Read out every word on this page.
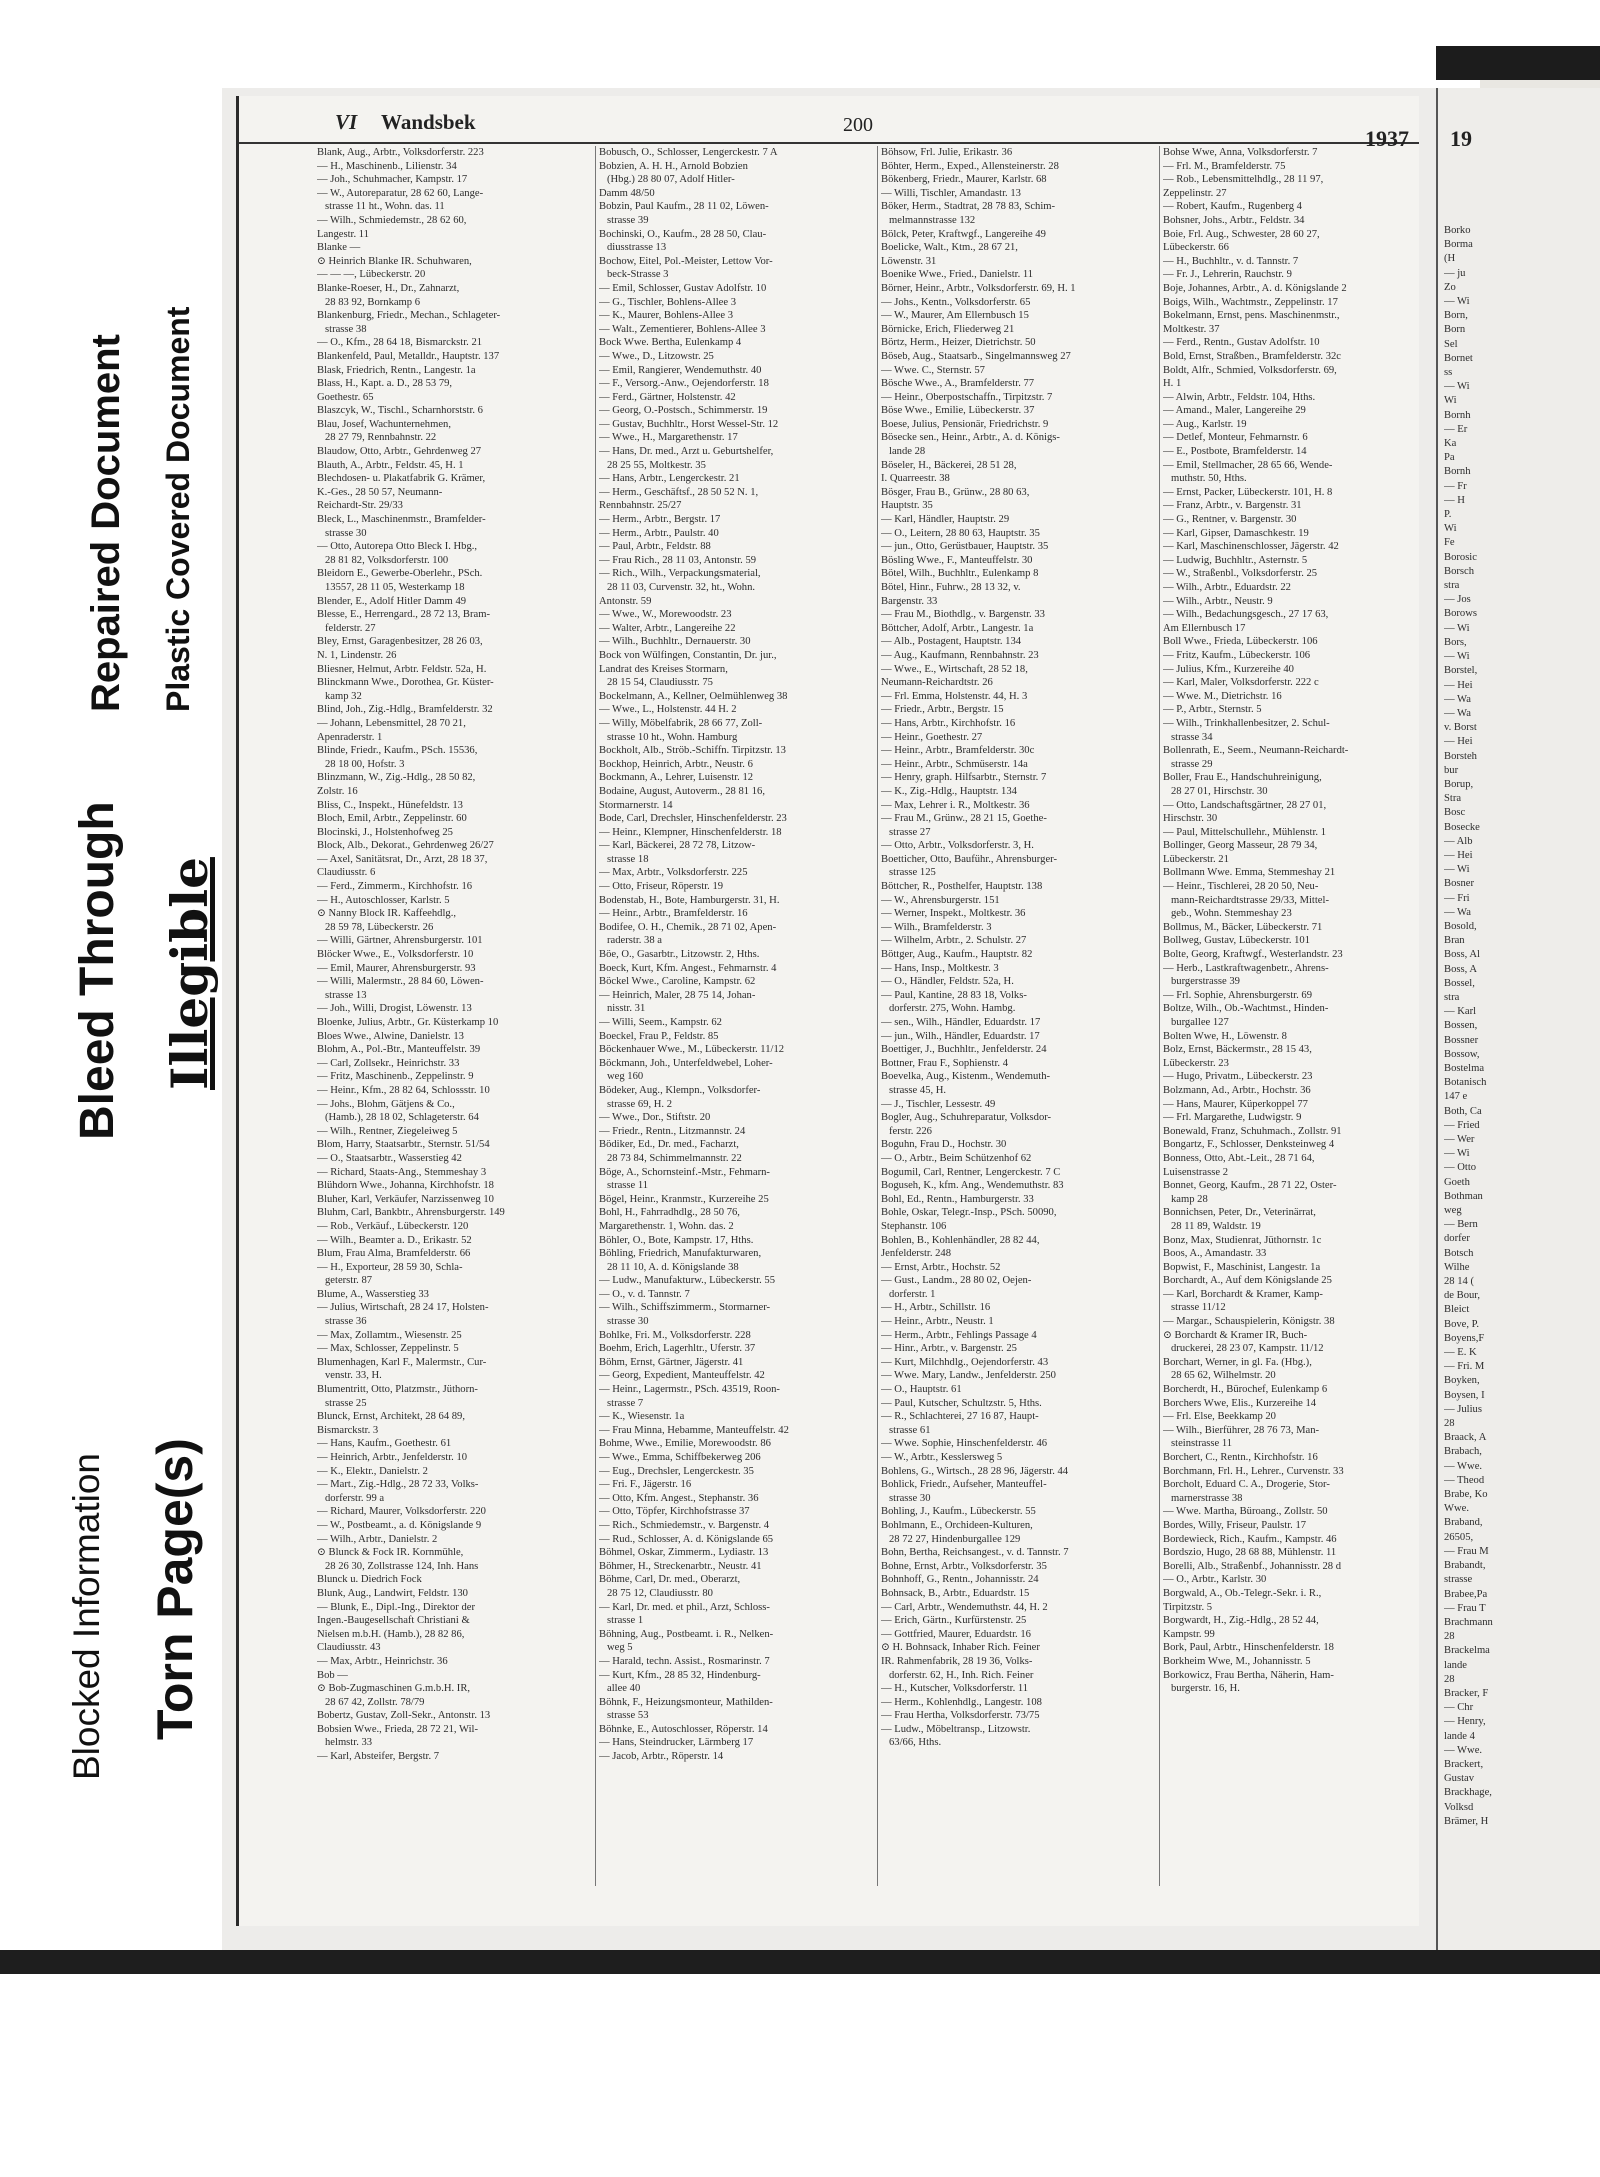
Repaired Document Plastic Covered Document
Bleed Through Illegible
Blocked Information Torn Page(s)
VI Wandsbek	200
1937
Blank, Aug., Arbtr., Volksdorferstr. 223
— H., Maschinenb., Lilienstr. 34
— Joh., Schuhmacher, Kampstr. 17
— W., Autoreparatur, 28 62 60, Lange-
strasse 11 ht., Wohn. das. 11
— Wilh., Schmiedemstr., 28 62 60,
Langestr. 11
Blanke —
⊙ Heinrich Blanke IR. Schuhwaren,
— — —, Lübeckerstr. 20
Blanke-Roeser, H., Dr., Zahnarzt,
28 83 92, Bornkamp 6
Blankenburg, Friedr., Mechan., Schlageter-
strasse 38
— O., Kfm., 28 64 18, Bismarckstr. 21
Blankenfeld, Paul, Metalldr., Hauptstr. 137
Blask, Friedrich, Rentn., Langestr. 1a
Blass, H., Kapt. a. D., 28 53 79,
Goethestr. 65
Blaszcyk, W., Tischl., Scharnhorststr. 6
Blau, Josef, Wachunternehmen,
28 27 79, Rennbahnstr. 22
Blaudow, Otto, Arbtr., Gehrdenweg 27
Blauth, A., Arbtr., Feldstr. 45, H. 1
Blechdosen- u. Plakatfabrik G. Krämer,
K.-Ges., 28 50 57, Neumann-
Reichardt-Str. 29/33
Bleck, L., Maschinenmstr., Bramfelder-
strasse 30
— Otto, Autorepa Otto Bleck I. Hbg.,
28 81 82, Volksdorferstr. 100
Bleidorn E., Gewerbe-Oberlehr., PSch.
13557, 28 11 05, Westerkamp 18
Blender, E., Adolf Hitler Damm 49
Blesse, E., Herrengard., 28 72 13, Bram-
felderstr. 27
Bley, Ernst, Garagenbesitzer, 28 26 03,
N. 1, Lindenstr. 26
Bliesner, Helmut, Arbtr. Feldstr. 52a, H.
Blinckmann Wwe., Dorothea, Gr. Küster-
kamp 32
Blind, Joh., Zig.-Hdlg., Bramfelderstr. 32
— Johann, Lebensmittel, 28 70 21,
Apenraderstr. 1
Blinde, Friedr., Kaufm., PSch. 15536,
28 18 00, Hofstr. 3
Blinzmann, W., Zig.-Hdlg., 28 50 82,
Zolstr. 16
Bliss, C., Inspekt., Hünefeldstr. 13
Bloch, Emil, Arbtr., Zeppelinstr. 60
Blocinski, J., Holstenhofweg 25
Block, Alb., Dekorat., Gehrdenweg 26/27
— Axel, Sanitätsrat, Dr., Arzt, 28 18 37,
Claudiusstr. 6
— Ferd., Zimmerm., Kirchhofstr. 16
— H., Autoschlosser, Karlstr. 5
⊙ Nanny Block IR. Kaffeehdlg.,
28 59 78, Lübeckerstr. 26
— Willi, Gärtner, Ahrensburgerstr. 101
Blöcker Wwe., E., Volksdorferstr. 10
— Emil, Maurer, Ahrensburgerstr. 93
— Willi, Malermstr., 28 84 60, Löwen-
strasse 13
— Joh., Willi, Drogist, Löwenstr. 13
Bloenke, Julius, Arbtr., Gr. Küsterkamp 10
Bloes Wwe., Alwine, Danielstr. 13
Blohm, A., Pol.-Btr., Manteuffelstr. 39
— Carl, Zollsekr., Heinrichstr. 33
— Fritz, Maschinenb., Zeppelinstr. 9
— Heinr., Kfm., 28 82 64, Schlossstr. 10
— Johs., Blohm, Gätjens & Co.,
(Hamb.), 28 18 02, Schlageterstr. 64
— Wilh., Rentner, Ziegeleiweg 5
Blom, Harry, Staatsarbtr., Sternstr. 51/54
— O., Staatsarbtr., Wasserstieg 42
— Richard, Staats-Ang., Stemmeshay 3
Blühdorn Wwe., Johanna, Kirchhofstr. 18
Bluher, Karl, Verkäufer, Narzissenweg 10
Bluhm, Carl, Bankbtr., Ahrensburgerstr. 149
— Rob., Verkäuf., Lübeckerstr. 120
— Wilh., Beamter a. D., Erikastr. 52
Blum, Frau Alma, Bramfelderstr. 66
— H., Exporteur, 28 59 30, Schla-
geterstr. 87
Blume, A., Wasserstieg 33
— Julius, Wirtschaft, 28 24 17, Holsten-
strasse 36
— Max, Zollamtm., Wiesenstr. 25
— Max, Schlosser, Zeppelinstr. 5
Blumenhagen, Karl F., Malermstr., Cur-
venstr. 33, H.
Blumentritt, Otto, Platzmstr., Jüthorn-
strasse 25
Blunck, Ernst, Architekt, 28 64 89,
Bismarckstr. 3
— Hans, Kaufm., Goethestr. 61
— Heinrich, Arbtr., Jenfelderstr. 10
— K., Elektr., Danielstr. 2
— Mart., Zig.-Hdlg., 28 72 33, Volks-
dorferstr. 99 a
— Richard, Maurer, Volksdorferstr. 220
— W., Postbeamt., a. d. Königslande 9
— Wilh., Arbtr., Danielstr. 2
⊙ Blunck & Fock IR. Kornmühle,
28 26 30, Zollstrasse 124, Inh. Hans
Blunck u. Diedrich Fock
Blunk, Aug., Landwirt, Feldstr. 130
— Blunk, E., Dipl.-Ing., Direktor der
Ingen.-Baugesellschaft Christiani &
Nielsen m.b.H. (Hamb.), 28 82 86,
Claudiusstr. 43
— Max, Arbtr., Heinrichstr. 36
Bob —
⊙ Bob-Zugmaschinen G.m.b.H. IR,
28 67 42, Zollstr. 78/79
Bobertz, Gustav, Zoll-Sekr., Antonstr. 13
Bobsien Wwe., Frieda, 28 72 21, Wil-
helmstr. 33
— Karl, Absteifer, Bergstr. 7
Bobusch, O., Schlosser, Lengerckestr. 7 A
Bobzien, A. H. H., Arnold Bobzien
(Hbg.) 28 80 07, Adolf Hitler-
Damm 48/50
Bobzin, Paul Kaufm., 28 11 02, Löwen-
strasse 39
Bochinski, O., Kaufm., 28 28 50, Clau-
diusstrasse 13
Bochow, Eitel, Pol.-Meister, Lettow Vor-
beck-Strasse 3
— Emil, Schlosser, Gustav Adolfstr. 10
— G., Tischler, Bohlens-Allee 3
— K., Maurer, Bohlens-Allee 3
— Walt., Zementierer, Bohlens-Allee 3
Bock Wwe. Bertha, Eulenkamp 4
— Wwe., D., Litzowstr. 25
— Emil, Rangierer, Wendemuthstr. 40
— F., Versorg.-Anw., Oejendorferstr. 18
— Ferd., Gärtner, Holstenstr. 42
— Georg, O.-Postsch., Schimmerstr. 19
— Gustav, Buchhltr., Horst Wessel-Str. 12
— Wwe., H., Margarethenstr. 17
— Hans, Dr. med., Arzt u. Geburtshelfer,
28 25 55, Moltkestr. 35
— Hans, Arbtr., Lengerckestr. 21
— Herm., Geschäftsf., 28 50 52 N. 1,
Rennbahnstr. 25/27
— Herm., Arbtr., Bergstr. 17
— Herm., Arbtr., Paulstr. 40
— Paul, Arbtr., Feldstr. 88
— Frau Rich., 28 11 03, Antonstr. 59
— Rich., Wilh., Verpackungsmaterial,
28 11 03, Curvenstr. 32, ht., Wohn.
Antonstr. 59
— Wwe., W., Morewoodstr. 23
— Walter, Arbtr., Langereihe 22
— Wilh., Buchhltr., Dernauerstr. 30
Bock von Wülfingen, Constantin, Dr. jur.,
Landrat des Kreises Stormarn,
28 15 54, Claudiusstr. 75
Bockelmann, A., Kellner, Oelmühlenweg 38
— Wwe., L., Holstenstr. 44 H. 2
— Willy, Möbelfabrik, 28 66 77, Zoll-
strasse 10 ht., Wohn. Hamburg
Bockholt, Alb., Ströb.-Schiffn. Tirpitzstr. 13
Bockhop, Heinrich, Arbtr., Neustr. 6
Bockmann, A., Lehrer, Luisenstr. 12
Bodaine, August, Autoverm., 28 81 16,
Stormarnerstr. 14
Bode, Carl, Drechsler, Hinschenfelderstr. 23
— Heinr., Klempner, Hinschenfelderstr. 18
— Karl, Bäckerei, 28 72 78, Litzow-
strasse 18
— Max, Arbtr., Volksdorferstr. 225
— Otto, Friseur, Röperstr. 19
Bodenstab, H., Bote, Hamburgerstr. 31, H.
— Heinr., Arbtr., Bramfelderstr. 16
Bodifee, O. H., Chemik., 28 71 02, Apen-
raderstr. 38 a
Böe, O., Gasarbtr., Litzowstr. 2, Hths.
Boeck, Kurt, Kfm. Angest., Fehmarnstr. 4
Böckel Wwe., Caroline, Kampstr. 62
— Heinrich, Maler, 28 75 14, Johan-
nisstr. 31
— Willi, Seem., Kampstr. 62
Boeckel, Frau P., Feldstr. 85
Böckenhauer Wwe., M., Lübeckerstr. 11/12
Böckmann, Joh., Unterfeldwebel, Loher-
weg 160
Bödeker, Aug., Klempn., Volksdorfer-
strasse 69, H. 2
— Wwe., Dor., Stiftstr. 20
— Friedr., Rentn., Litzmannstr. 24
Bödiker, Ed., Dr. med., Facharzt,
28 73 84, Schimmelmannstr. 22
Böge, A., Schornsteinf.-Mstr., Fehmarn-
strasse 11
Bögel, Heinr., Kranmstr., Kurzereihe 25
Bohl, H., Fahrradhdlg., 28 50 76,
Margarethenstr. 1, Wohn. das. 2
Böhler, O., Bote, Kampstr. 17, Hths.
Böhling, Friedrich, Manufakturwaren,
28 11 10, A. d. Königslande 38
— Ludw., Manufakturw., Lübeckerstr. 55
— O., v. d. Tannstr. 7
— Wilh., Schiffszimmerm., Stormarner-
strasse 30
Bohlke, Fri. M., Volksdorferstr. 228
Boehm, Erich, Lagerhltr., Uferstr. 37
Böhm, Ernst, Gärtner, Jägerstr. 41
— Georg, Expedient, Manteuffelstr. 42
— Heinr., Lagermstr., PSch. 43519, Roon-
strasse 7
— K., Wiesenstr. 1a
— Frau Minna, Hebamme, Manteuffelstr. 42
Bohme, Wwe., Emilie, Morewoodstr. 86
— Wwe., Emma, Schiffbekerweg 206
— Eug., Drechsler, Lengerckestr. 35
— Fri. F., Jägerstr. 16
— Otto, Kfm. Angest., Stephanstr. 36
— Otto, Töpfer, Kirchhofstrasse 37
— Rich., Schmiedemstr., v. Bargenstr. 4
— Rud., Schlosser, A. d. Königslande 65
Böhmel, Oskar, Zimmerm., Lydiastr. 13
Böhmer, H., Streckenarbtr., Neustr. 41
Böhme, Carl, Dr. med., Oberarzt,
28 75 12, Claudiusstr. 80
— Karl, Dr. med. et phil., Arzt, Schloss-
strasse 1
Böhning, Aug., Postbeamt. i. R., Nelken-
weg 5
— Harald, techn. Assist., Rosmarinstr. 7
— Kurt, Kfm., 28 85 32, Hindenburg-
allee 40
Böhnk, F., Heizungsmonteur, Mathilden-
strasse 53
Böhnke, E., Autoschlosser, Röperstr. 14
— Hans, Steindrucker, Lärmberg 17
— Jacob, Arbtr., Röperstr. 14
Böhsow, Frl. Julie, Erikastr. 36
Böhter, Herm., Exped., Allensteinerstr. 28
Bökenberg, Friedr., Maurer, Karlstr. 68
— Willi, Tischler, Amandastr. 13
Böker, Herm., Stadtrat, 28 78 83, Schim-
melmannstrasse 132
Bölck, Peter, Kraftwgf., Langereihe 49
Boelicke, Walt., Ktm., 28 67 21,
Löwenstr. 31
Boenike Wwe., Fried., Danielstr. 11
Börner, Heinr., Arbtr., Volksdorferstr. 69, H. 1
— Johs., Kentn., Volksdorferstr. 65
— W., Maurer, Am Ellernbusch 15
Börnicke, Erich, Fliederweg 21
Börtz, Herm., Heizer, Dietrichstr. 50
Böseb, Aug., Staatsarb., Singelmannsweg 27
— Wwe. C., Sternstr. 57
Bösche Wwe., A., Bramfelderstr. 77
— Heinr., Oberpostschaffn., Tirpitzstr. 7
Böse Wwe., Emilie, Lübeckerstr. 37
Boese, Julius, Pensionär, Friedrichstr. 9
Bösecke sen., Heinr., Arbtr., A. d. Königs-
lande 28
Böseler, H., Bäckerei, 28 51 28,
I. Quarreestr. 38
Bösger, Frau B., Grünw., 28 80 63,
Hauptstr. 35
— Karl, Händler, Hauptstr. 29
— O., Leitern, 28 80 63, Hauptstr. 35
— jun., Otto, Gerüstbauer, Hauptstr. 35
Bösling Wwe., F., Manteuffelstr. 30
Bötel, Wilh., Buchhltr., Eulenkamp 8
Bötel, Hinr., Fuhrw., 28 13 32, v.
Bargenstr. 33
— Frau M., Biothdlg., v. Bargenstr. 33
Böttcher, Adolf, Arbtr., Langestr. 1a
— Alb., Postagent, Hauptstr. 134
— Aug., Kaufmann, Rennbahnstr. 23
— Wwe., E., Wirtschaft, 28 52 18,
Neumann-Reichardtstr. 26
— Frl. Emma, Holstenstr. 44, H. 3
— Friedr., Arbtr., Bergstr. 15
— Hans, Arbtr., Kirchhofstr. 16
— Heinr., Goethestr. 27
— Heinr., Arbtr., Bramfelderstr. 30c
— Heinr., Arbtr., Schmüserstr. 14a
— Henry, graph. Hilfsarbtr., Sternstr. 7
— K., Zig.-Hdlg., Hauptstr. 134
— Max, Lehrer i. R., Moltkestr. 36
— Frau M., Grünw., 28 21 15, Goethe-
strasse 27
— Otto, Arbtr., Volksdorferstr. 3, H.
Boetticher, Otto, Bauführ., Ahrensburger-
strasse 125
Böttcher, R., Posthelfer, Hauptstr. 138
— W., Ahrensburgerstr. 151
— Werner, Inspekt., Moltkestr. 36
— Wilh., Bramfelderstr. 3
— Wilhelm, Arbtr., 2. Schulstr. 27
Böttger, Aug., Kaufm., Hauptstr. 82
— Hans, Insp., Moltkestr. 3
— O., Händler, Feldstr. 52a, H.
— Paul, Kantine, 28 83 18, Volks-
dorferstr. 275, Wohn. Hambg.
— sen., Wilh., Händler, Eduardstr. 17
— jun., Wilh., Händler, Eduardstr. 17
Boettiger, J., Buchhltr., Jenfelderstr. 24
Bottner, Frau F., Sophienstr. 4
Boevelka, Aug., Kistenm., Wendemuth-
strasse 45, H.
— J., Tischler, Lessestr. 49
Bogler, Aug., Schuhreparatur, Volksdor-
ferstr. 226
Boguhn, Frau D., Hochstr. 30
— O., Arbtr., Beim Schützenhof 62
Bogumil, Carl, Rentner, Lengerckestr. 7 C
Boguseh, K., kfm. Ang., Wendemuthstr. 83
Bohl, Ed., Rentn., Hamburgerstr. 33
Bohle, Oskar, Telegr.-Insp., PSch. 50090,
Stephanstr. 106
Bohlen, B., Kohlenhändler, 28 82 44,
Jenfelderstr. 248
— Ernst, Arbtr., Hochstr. 52
— Gust., Landm., 28 80 02, Oejen-
dorferstr. 1
— H., Arbtr., Schillstr. 16
— Heinr., Arbtr., Neustr. 1
— Herm., Arbtr., Fehlings Passage 4
— Hinr., Arbtr., v. Bargenstr. 25
— Kurt, Milchhdlg., Oejendorferstr. 43
— Wwe. Mary, Landw., Jenfelderstr. 250
— O., Hauptstr. 61
— Paul, Kutscher, Schultzstr. 5, Hths.
— R., Schlachterei, 27 16 87, Haupt-
strasse 61
— Wwe. Sophie, Hinschenfelderstr. 46
— W., Arbtr., Kesslersweg 5
Bohlens, G., Wirtsch., 28 28 96, Jägerstr. 44
Bohlick, Friedr., Aufseher, Manteuffel-
strasse 30
Bohling, J., Kaufm., Lübeckerstr. 55
Bohlmann, E., Orchideen-Kulturen,
28 72 27, Hindenburgallee 129
Bohn, Bertha, Reichsangest., v. d. Tannstr. 7
Bohne, Ernst, Arbtr., Volksdorferstr. 35
Bohnhoff, G., Rentn., Johannisstr. 24
Bohnsack, B., Arbtr., Eduardstr. 15
— Carl, Arbtr., Wendemuthstr. 44, H. 2
— Erich, Gärtn., Kurfürstenstr. 25
— Gottfried, Maurer, Eduardstr. 16
⊙ H. Bohnsack, Inhaber Rich. Feiner
IR. Rahmenfabrik, 28 19 36, Volks-
dorferstr. 62, H., Inh. Rich. Feiner
— H., Kutscher, Volksdorferstr. 11
— Herm., Kohlenhdlg., Langestr. 108
— Frau Hertha, Volksdorferstr. 73/75
— Ludw., Möbeltransp., Litzowstr.
63/66, Hths.
Bohse Wwe, Anna, Volksdorferstr. 7
— Frl. M., Bramfelderstr. 75
— Rob., Lebensmittelhdlg., 28 11 97,
Zeppelinstr. 27
— Robert, Kaufm., Rugenberg 4
Bohsner, Johs., Arbtr., Feldstr. 34
Boie, Frl. Aug., Schwester, 28 60 27,
Lübeckerstr. 66
— H., Buchhltr., v. d. Tannstr. 7
— Fr. J., Lehrerin, Rauchstr. 9
Boje, Johannes, Arbtr., A. d. Königslande 2
Boigs, Wilh., Wachtmstr., Zeppelinstr. 17
Bokelmann, Ernst, pens. Maschinenmstr.,
Moltkestr. 37
— Ferd., Rentn., Gustav Adolfstr. 10
Bold, Ernst, Straßben., Bramfelderstr. 32c
Boldt, Alfr., Schmied, Volksdorferstr. 69,
H. 1
— Alwin, Arbtr., Feldstr. 104, Hths.
— Amand., Maler, Langereihe 29
— Aug., Karlstr. 19
— Detlef, Monteur, Fehmarnstr. 6
— E., Postbote, Bramfelderstr. 14
— Emil, Stellmacher, 28 65 66, Wende-
muthstr. 50, Hths.
— Ernst, Packer, Lübeckerstr. 101, H. 8
— Franz, Arbtr., v. Bargenstr. 31
— G., Rentner, v. Bargenstr. 30
— Karl, Gipser, Damaschkestr. 19
— Karl, Maschinenschlosser, Jägerstr. 42
— Ludwig, Buchhltr., Asternstr. 5
— W., Straßenbl., Volksdorferstr. 25
— Wilh., Arbtr., Eduardstr. 22
— Wilh., Arbtr., Neustr. 9
— Wilh., Bedachungsgesch., 27 17 63,
Am Ellernbusch 17
Boll Wwe., Frieda, Lübeckerstr. 106
— Fritz, Kaufm., Lübeckerstr. 106
— Julius, Kfm., Kurzereihe 40
— Karl, Maler, Volksdorferstr. 222 c
— Wwe. M., Dietrichstr. 16
— P., Arbtr., Sternstr. 5
— Wilh., Trinkhallenbesitzer, 2. Schul-
strasse 34
Bollenrath, E., Seem., Neumann-Reichardt-
strasse 29
Boller, Frau E., Handschuhreinigung,
28 27 01, Hirschstr. 30
— Otto, Landschaftsgärtner, 28 27 01,
Hirschstr. 30
— Paul, Mittelschullehr., Mühlenstr. 1
Bollinger, Georg Masseur, 28 79 34,
Lübeckerstr. 21
Bollmann Wwe. Emma, Stemmeshay 21
— Heinr., Tischlerei, 28 20 50, Neu-
mann-Reichardtstrasse 29/33, Mittel-
geb., Wohn. Stemmeshay 23
Bollmus, M., Bäcker, Lübeckerstr. 71
Bollweg, Gustav, Lübeckerstr. 101
Bolte, Georg, Kraftwgf., Westerlandstr. 23
— Herb., Lastkraftwagenbetr., Ahrens-
burgerstrasse 39
— Frl. Sophie, Ahrensburgerstr. 69
Boltze, Wilh., Ob.-Wachtmst., Hinden-
burgallee 127
Bolten Wwe, H., Löwenstr. 8
Bolz, Ernst, Bäckermstr., 28 15 43,
Lübeckerstr. 23
— Hugo, Privatm., Lübeckerstr. 23
Bolzmann, Ad., Arbtr., Hochstr. 36
— Hans, Maurer, Küperkoppel 77
— Frl. Margarethe, Ludwigstr. 9
Bonewald, Franz, Schuhmach., Zollstr. 91
Bongartz, F., Schlosser, Denksteinweg 4
Bonness, Otto, Abt.-Leit., 28 71 64,
Luisenstrasse 2
Bonnet, Georg, Kaufm., 28 71 22, Oster-
kamp 28
Bonnichsen, Peter, Dr., Veterinärrat,
28 11 89, Waldstr. 19
Bonz, Max, Studienrat, Jüthornstr. 1c
Boos, A., Amandastr. 33
Bopwist, F., Maschinist, Langestr. 1a
Borchardt, A., Auf dem Königslande 25
— Karl, Borchardt & Kramer, Kamp-
strasse 11/12
— Margar., Schauspielerin, Königstr. 38
⊙ Borchardt & Kramer IR, Buch-
druckerei, 28 23 07, Kampstr. 11/12
Borchart, Werner, in gl. Fa. (Hbg.),
28 65 62, Wilhelmstr. 20
Borcherdt, H., Bürochef, Eulenkamp 6
Borchers Wwe, Elis., Kurzereihe 14
— Frl. Else, Beekkamp 20
— Wilh., Bierführer, 28 76 73, Man-
steinstrasse 11
Borchert, C., Rentn., Kirchhofstr. 16
Borchmann, Frl. H., Lehrer., Curvenstr. 33
Borcholt, Eduard C. A., Drogerie, Stor-
marnerstrasse 38
— Wwe. Martha, Büroang., Zollstr. 50
Bordes, Willy, Friseur, Paulstr. 17
Bordewieck, Rich., Kaufm., Kampstr. 46
Bordszio, Hugo, 28 68 88, Mühlenstr. 11
Borelli, Alb., Straßenbf., Johannisstr. 28 d
— O., Arbtr., Karlstr. 30
Borgwald, A., Ob.-Telegr.-Sekr. i. R.,
Tirpitzstr. 5
Borgwardt, H., Zig.-Hdlg., 28 52 44,
Kampstr. 99
Bork, Paul, Arbtr., Hinschenfelderstr. 18
Borkheim Wwe, M., Johannisstr. 5
Borkowicz, Frau Bertha, Näherin, Ham-
burgerstr. 16, H.
19
Borko
Borma
(H
— ju
Zo
— Wi
Born,
Born
Sel
Bornet
ss
— Wi
Wi
Bornh
— Er
Ka
Pa
Bornh
— Fr
— H
P.
Wi
Fe
Borosic
Borsch
stra
— Jos
Borows
— Wi
Bors,
— Wi
Borstel,
— Hei
— Wa
— Wa
v. Borst
— Hei
Borsteh
bur
Borup,
Stra
Bosc
Bosecke
— Alb
— Hei
— Wi
Bosner
— Fri
— Wa
Bosold,
Bran
Boss, Al
Boss, A
Bossel,
stra
— Karl
Bossen,
Bossner
Bossow,
Bostelma
Botanisch
147 e
Both, Ca
— Fried
— Wer
— Wi
— Otto
Goeth
Bothman
weg
— Bern
dorfer
Botsch
Wilhe
28 14 (
de Bour,
Bleict
Bove, P.
Boyens,F
— E. K
— Fri. M
Boyken,
Boysen, I
— Julius
28
Braack, A
Brabach,
— Wwe.
— Theod
Brabe, Ko
Wwe.
Braband,
26505,
— Frau M
Brabandt,
strasse
Brabee,Pa
— Frau T
Brachmann
28
Brackelma
lande
28
Bracker, F
— Chr
— Henry,
lande 4
— Wwe.
Brackert,
Gustav
Brackhage,
Volksd
Brämer, H
